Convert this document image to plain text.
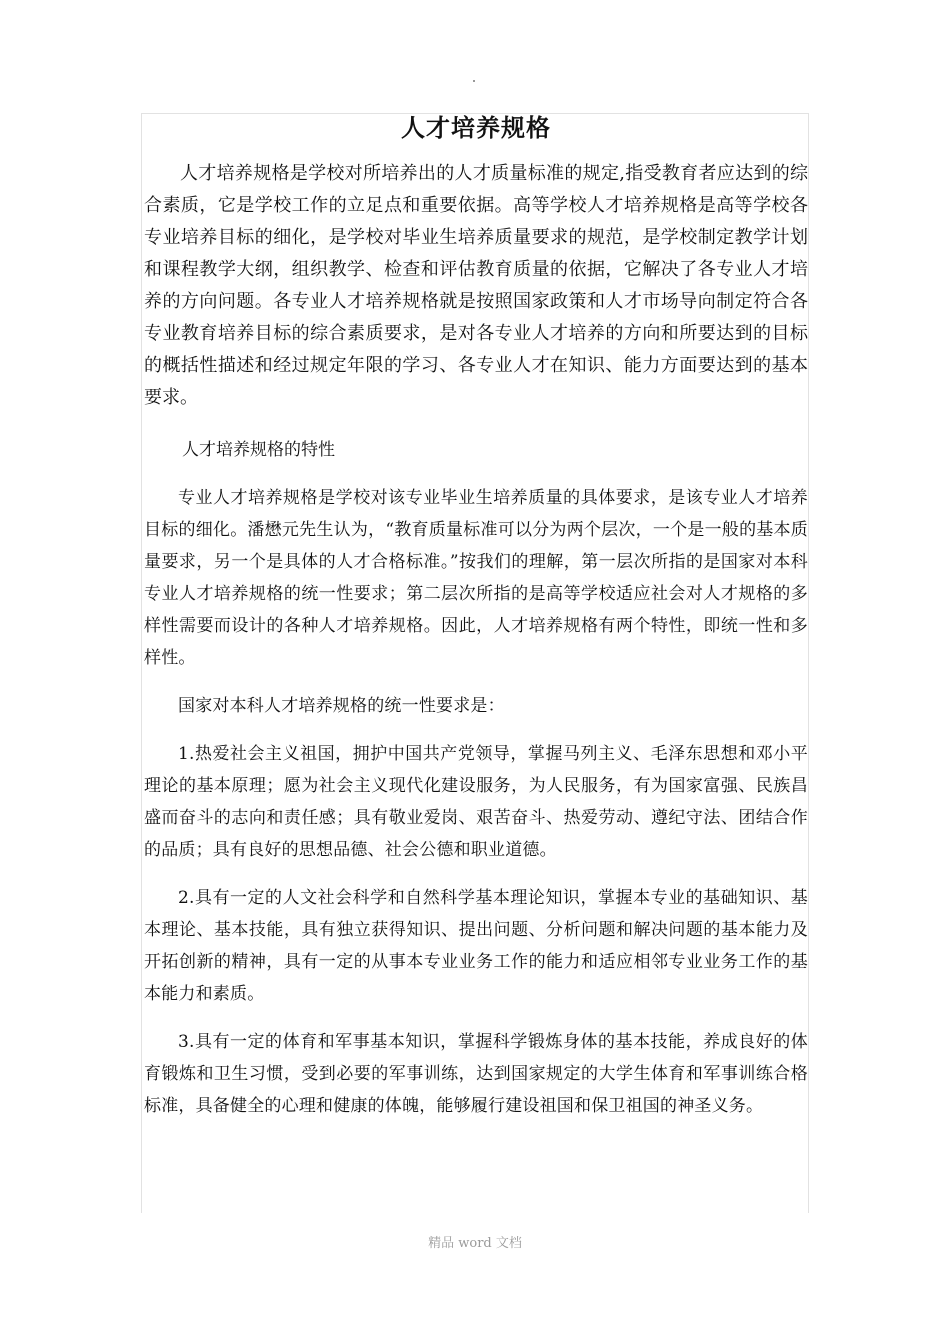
人才培养规格

人才培养规格是学校对所培养出的人才质量标准的规定,指受教育者应达到的综合素质，它是学校工作的立足点和重要依据。高等学校人才培养规格是高等学校各专业培养目标的细化，是学校对毕业生培养质量要求的规范，是学校制定教学计划和课程教学大纲，组织教学、检查和评估教育质量的依据，它解决了各专业人才培养的方向问题。各专业人才培养规格就是按照国家政策和人才市场导向制定符合各专业教育培养目标的综合素质要求，是对各专业人才培养的方向和所要达到的目标的概括性描述和经过规定年限的学习、各专业人才在知识、能力方面要达到的基本要求。

人才培养规格的特性

专业人才培养规格是学校对该专业毕业生培养质量的具体要求，是该专业人才培养目标的细化。潘懋元先生认为，“教育质量标准可以分为两个层次，一个是一般的基本质量要求，另一个是具体的人才合格标准。”按我们的理解，第一层次所指的是国家对本科专业人才培养规格的统一性要求；第二层次所指的是高等学校适应社会对人才规格的多样性需要而设计的各种人才培养规格。因此，人才培养规格有两个特性，即统一性和多样性。

国家对本科人才培养规格的统一性要求是：

1.热爱社会主义祖国，拥护中国共产党领导，掌握马列主义、毛泽东思想和邓小平理论的基本原理；愿为社会主义现代化建设服务，为人民服务，有为国家富强、民族昌盛而奋斗的志向和责任感；具有敬业爱岗、艰苦奋斗、热爱劳动、遵纪守法、团结合作的品质；具有良好的思想品德、社会公德和职业道德。

2.具有一定的人文社会科学和自然科学基本理论知识，掌握本专业的基础知识、基本理论、基本技能，具有独立获得知识、提出问题、分析问题和解决问题的基本能力及开拓创新的精神，具有一定的从事本专业业务工作的能力和适应相邻专业业务工作的基本能力和素质。

3.具有一定的体育和军事基本知识，掌握科学锻炼身体的基本技能，养成良好的体育锻炼和卫生习惯，受到必要的军事训练，达到国家规定的大学生体育和军事训练合格标准，具备健全的心理和健康的体魄，能够履行建设祖国和保卫祖国的神圣义务。

精品 word 文档
